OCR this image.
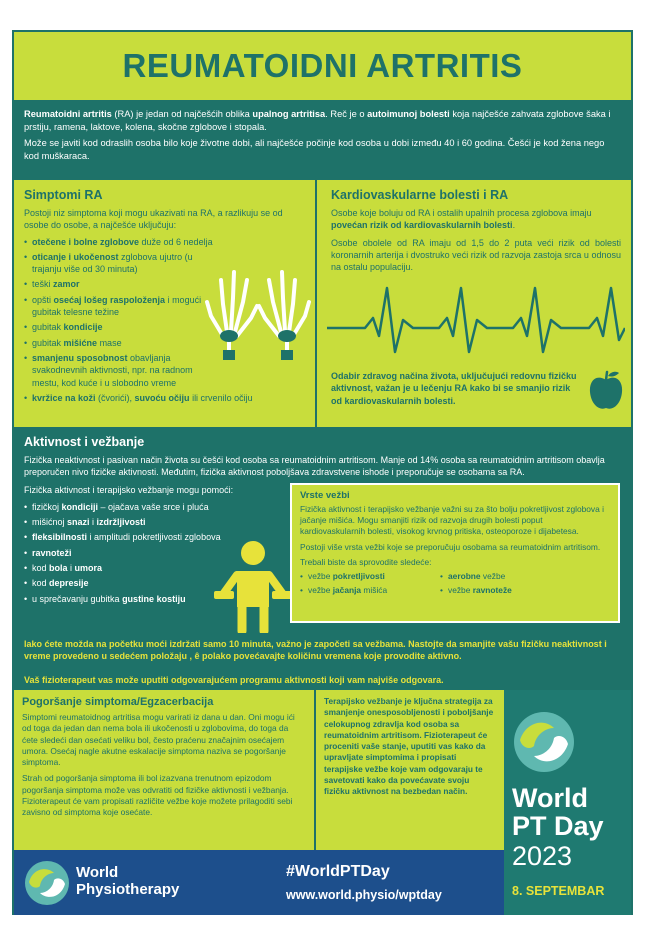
REUMATOIDNI ARTRITIS

Reumatoidni artritis (RA) je jedan od najčešćih oblika upalnog artritisa. Reč je o autoimunoj bolesti koja najčešće zahvata zglobove šaka i prstiju, ramena, laktove, kolena, skočne zglobove i stopala.

Može se javiti kod odraslih osoba bilo koje životne dobi, ali najčešće počinje kod osoba u dobi između 40 i 60 godina. Češći je kod žena nego kod muškaraca.

Simptomi RA
Postoji niz simptoma koji mogu ukazivati na RA, a razlikuju se od osobe do osobe, a najčešće uključuju:
• otečene i bolne zglobove duže od 6 nedelja
• oticanje i ukočenost zglobova ujutro (u trajanju više od 30 minuta)
• teški zamor
• opšti osećaj lošeg raspoloženja i mogući gubitak telesne težine
• gubitak kondicije
• gubitak mišićne mase
• smanjenu sposobnost obavljanja svakodnevnih aktivnosti, npr. na radnom mestu, kod kuće i u slobodno vreme
• kvržice na koži (čvorići), suvoću očiju ili crvenilo očiju
Kardiovaskularne bolesti i RA

Osobe koje boluju od RA i ostalih upalnih procesa zglobova imaju povećan rizik od kardiovaskularnih bolesti.

Osobe obolele od RA imaju od 1,5 do 2 puta veći rizik od bolesti koronarnih arterija i dvostruko veći rizik od razvoja zastoja srca u odnosu na ostalu populaciju.

Odabir zdravog načina života, uključujući redovnu fizičku aktivnost, važan je u lečenju RA kako bi se smanjio rizik od kardiovaskularnih bolesti.

Aktivnost i vežbanje

Fizička neaktivnost i pasivan način života su češći kod osoba sa reumatoidnim artritisom. Manje od 14% osoba sa reumatoidnim artritisom obavlja preporučen nivo fizičke aktivnosti. Međutim, fizička aktivnost poboljšava zdravstvene ishode i preporučuje se osobama sa RA.

Fizička aktivnost i terapijsko vežbanje mogu pomoći:

• fizičkoj kondiciji – ojačava vaše srce i pluća
• mišićnoj snazi i izdržljivosti
• fleksibilnosti i amplitudi pokretljivosti zglobova
• ravnoteži
• kod bola i umora
• kod depresije
• u sprečavanju gubitka gustine kostiju
Vrste vežbi

Fizička aktivnost i terapijsko vežbanje važni su za što bolju pokretljivost zglobova i jačanje mišića. Mogu smanjiti rizik od razvoja drugih bolesti poput kardiovaskularnih bolesti, visokog krvnog pritiska, osteoporoze i dijabetesa.

Postoji više vrsta vežbi koje se preporučuju osobama sa reumatoidnim artritisom.

Trebali biste da sprovodite sledeće:

• vežbe pokretljivosti
• vežbe jačanja mišića
• aerobne vežbe
• vežbe ravnoteže

lako ćete možda na početku moći izdržati samo 10 minuta, važno je započeti sa vežbama. Nastojte da smanjite vašu fizičku neaktivnost i vreme provedeno u sedećem položaju , ê polako povećavajte količinu vremena koje provodite aktivno.

Vaš fizioterapeut vas može uputiti odgovarajućem programu aktivnosti koji vam najviše odgovara.

Pogoršanje simptoma/Egzacerbacija

Simptomi reumatoidnog artritisa mogu varirati iz dana u dan. Oni mogu ići od toga da jedan dan nema bola ili ukočenosti u zglobovima, do toga da ćete sledeći dan osećati veliku bol, često praćenu značajnim osećajem umora. Osećaj nagle akutne eskalacije simptoma naziva se pogoršanje simptoma.

Strah od pogoršanja simptoma ili bol izazvana trenutnom epizodom pogoršanja simptoma može vas odvratiti od fizičke aktivnosti i vežbanja. Fizioterapeut će vam propisati različite vežbe koje možete prilagoditi sebi zavisno od simptoma koje osećate.

Terapijsko vežbanje je ključna strategija za smanjenje onesposobljenosti i poboljšanje celokupnog zdravlja kod osoba sa reumatoidnim artritisom. Fizioterapeut će proceniti vaše stanje, uputiti vas kako da upravljate simptomima i propisati terapijske vežbe koje vam odgovaraju te savetovati kako da povećavate svoju fizičku aktivnost na bezbedan način.	World
PT Day
2023
8. SEPTEMBAR
World
Physiotherapy
#WorldPTDay
www.world.physio/wptday
